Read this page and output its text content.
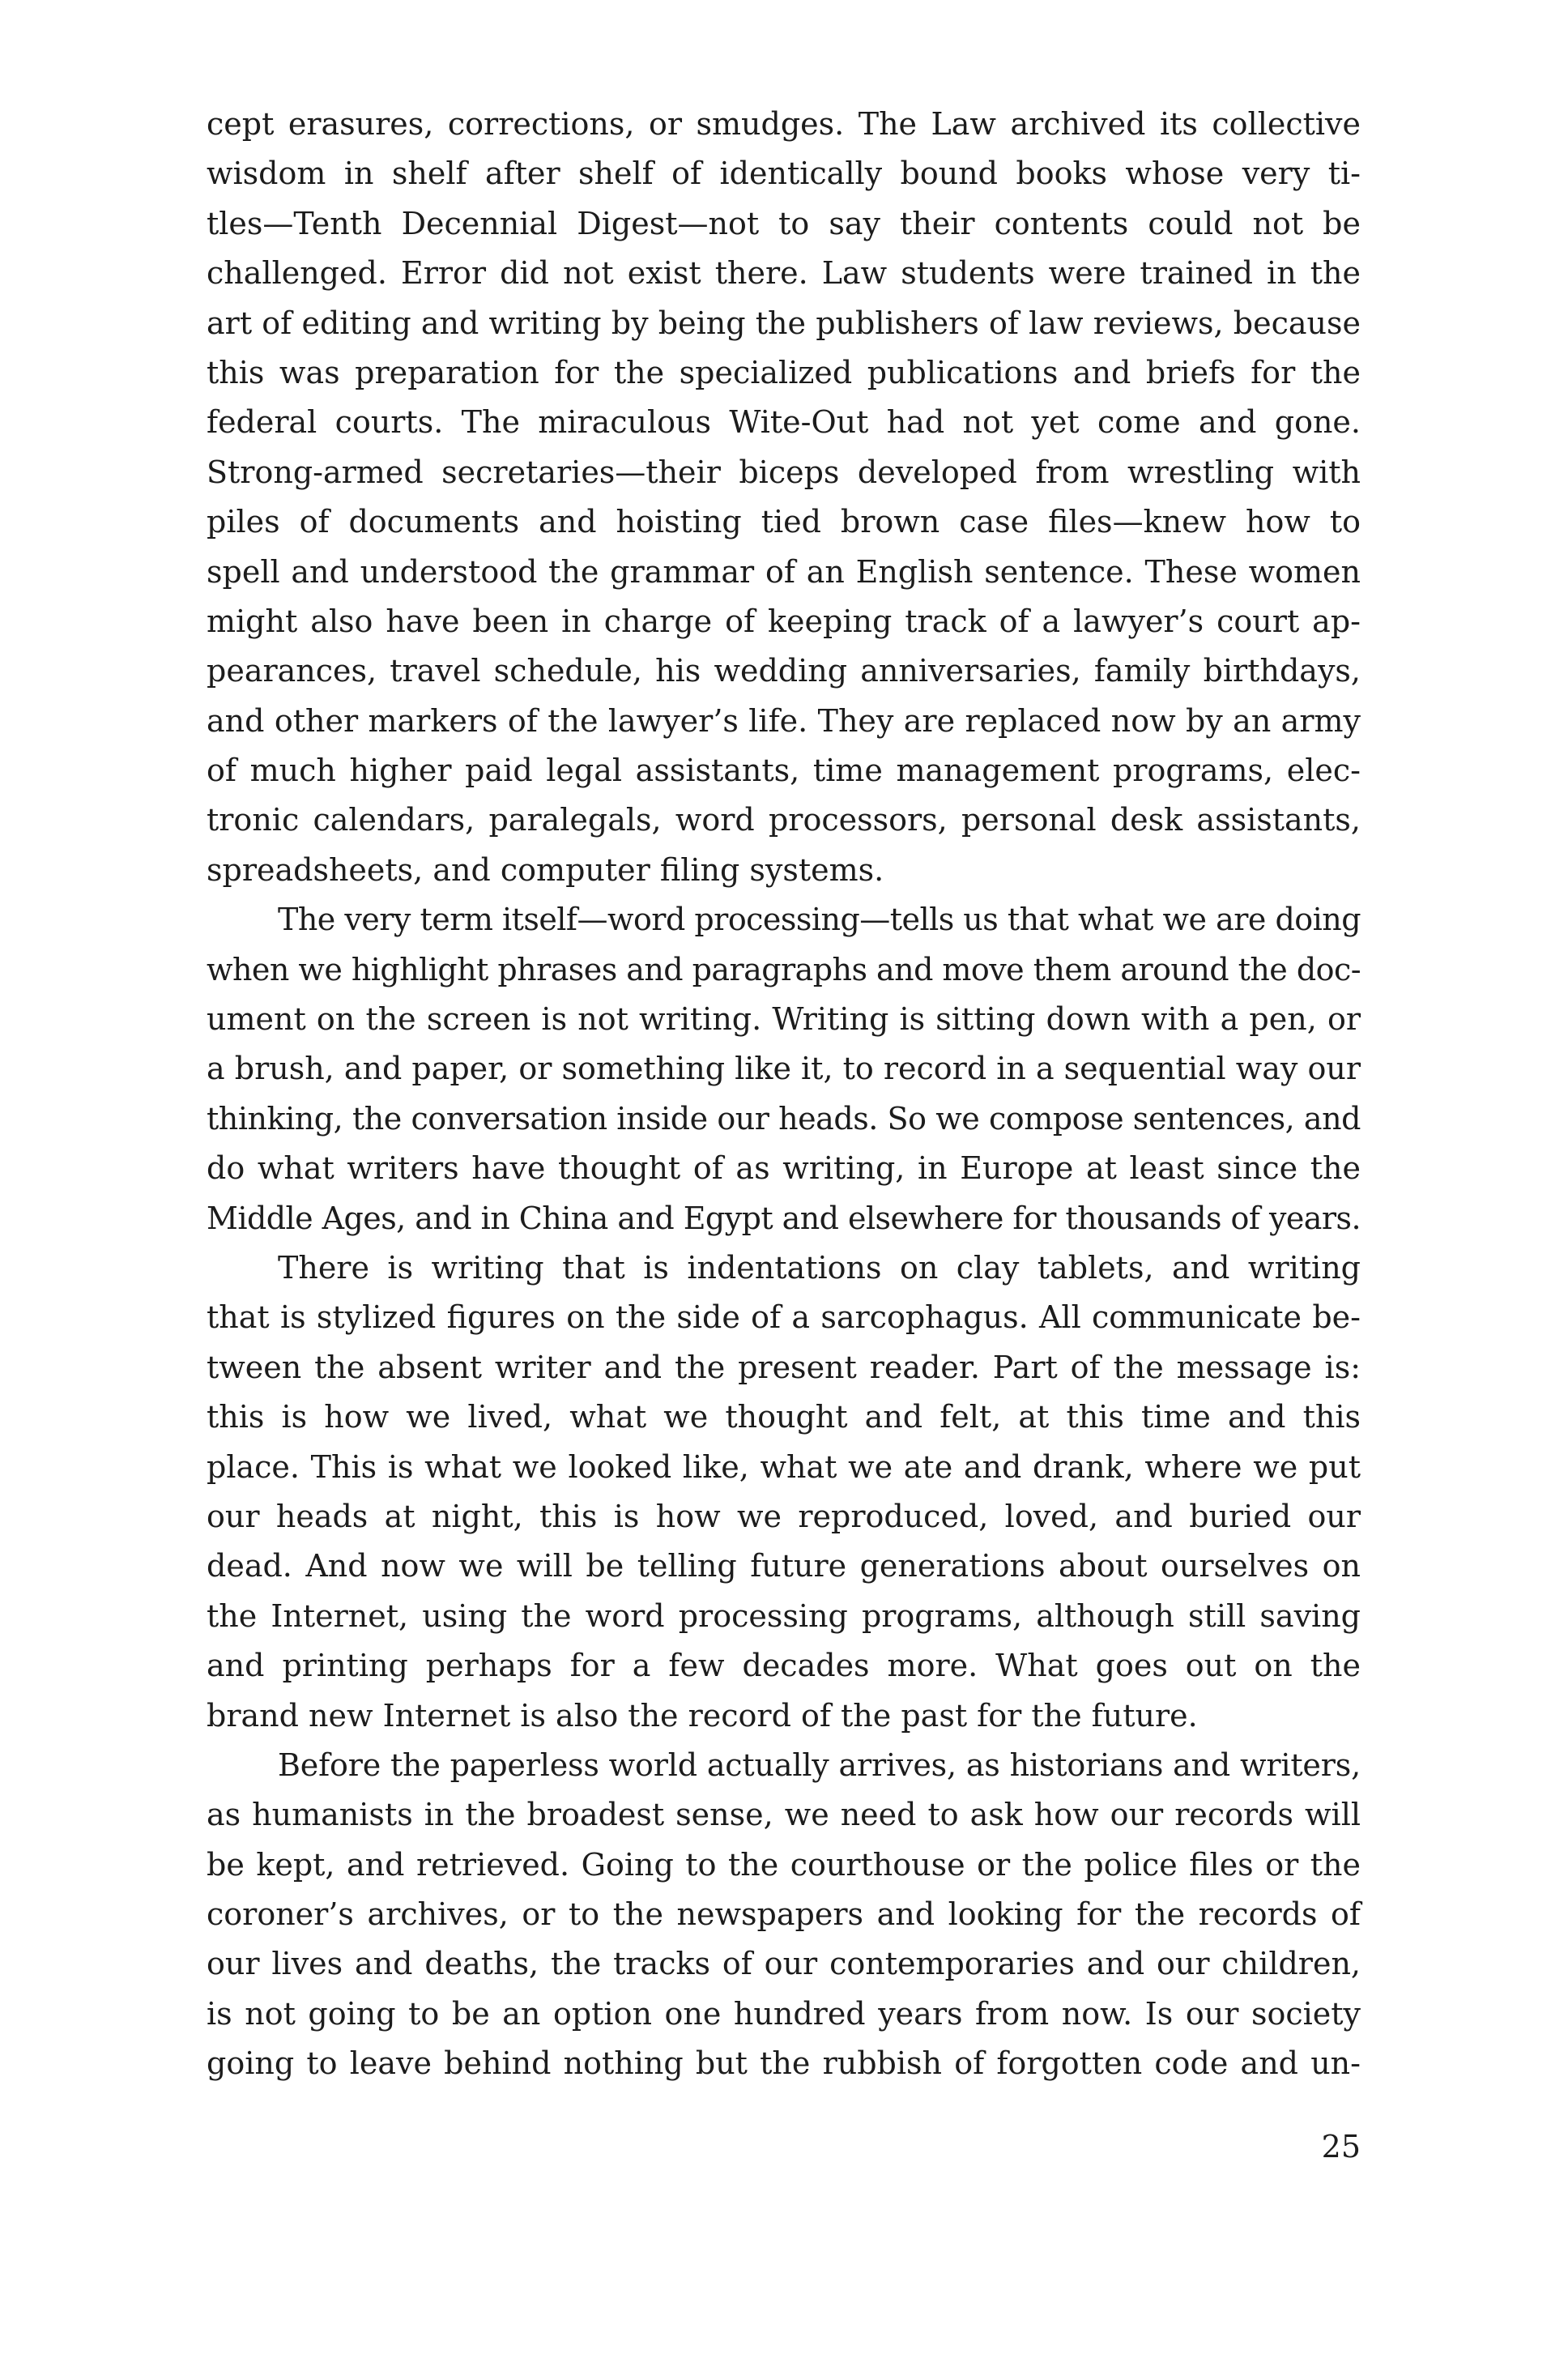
cept erasures, corrections, or smudges. The Law archived its collective
wisdom in shelf after shelf of identically bound books whose very ti-
tles—Tenth Decennial Digest—not to say their contents could not be
challenged. Error did not exist there. Law students were trained in the
art of editing and writing by being the publishers of law reviews, because
this was preparation for the specialized publications and briefs for the
federal courts. The miraculous Wite-Out had not yet come and gone.
Strong-armed secretaries—their biceps developed from wrestling with
piles of documents and hoisting tied brown case files—knew how to
spell and understood the grammar of an English sentence. These women
might also have been in charge of keeping track of a lawyer’s court ap-
pearances, travel schedule, his wedding anniversaries, family birthdays,
and other markers of the lawyer’s life. They are replaced now by an army
of much higher paid legal assistants, time management programs, elec-
tronic calendars, paralegals, word processors, personal desk assistants,
spreadsheets, and computer filing systems.
The very term itself—word processing—tells us that what we are doing
when we highlight phrases and paragraphs and move them around the doc-
ument on the screen is not writing. Writing is sitting down with a pen, or
a brush, and paper, or something like it, to record in a sequential way our
thinking, the conversation inside our heads. So we compose sentences, and
do what writers have thought of as writing, in Europe at least since the
Middle Ages, and in China and Egypt and elsewhere for thousands of years.
There is writing that is indentations on clay tablets, and writing
that is stylized figures on the side of a sarcophagus. All communicate be-
tween the absent writer and the present reader. Part of the message is:
this is how we lived, what we thought and felt, at this time and this
place. This is what we looked like, what we ate and drank, where we put
our heads at night, this is how we reproduced, loved, and buried our
dead. And now we will be telling future generations about ourselves on
the Internet, using the word processing programs, although still saving
and printing perhaps for a few decades more. What goes out on the
brand new Internet is also the record of the past for the future.
Before the paperless world actually arrives, as historians and writers,
as humanists in the broadest sense, we need to ask how our records will
be kept, and retrieved. Going to the courthouse or the police files or the
coroner’s archives, or to the newspapers and looking for the records of
our lives and deaths, the tracks of our contemporaries and our children,
is not going to be an option one hundred years from now. Is our society
going to leave behind nothing but the rubbish of forgotten code and un-
25
